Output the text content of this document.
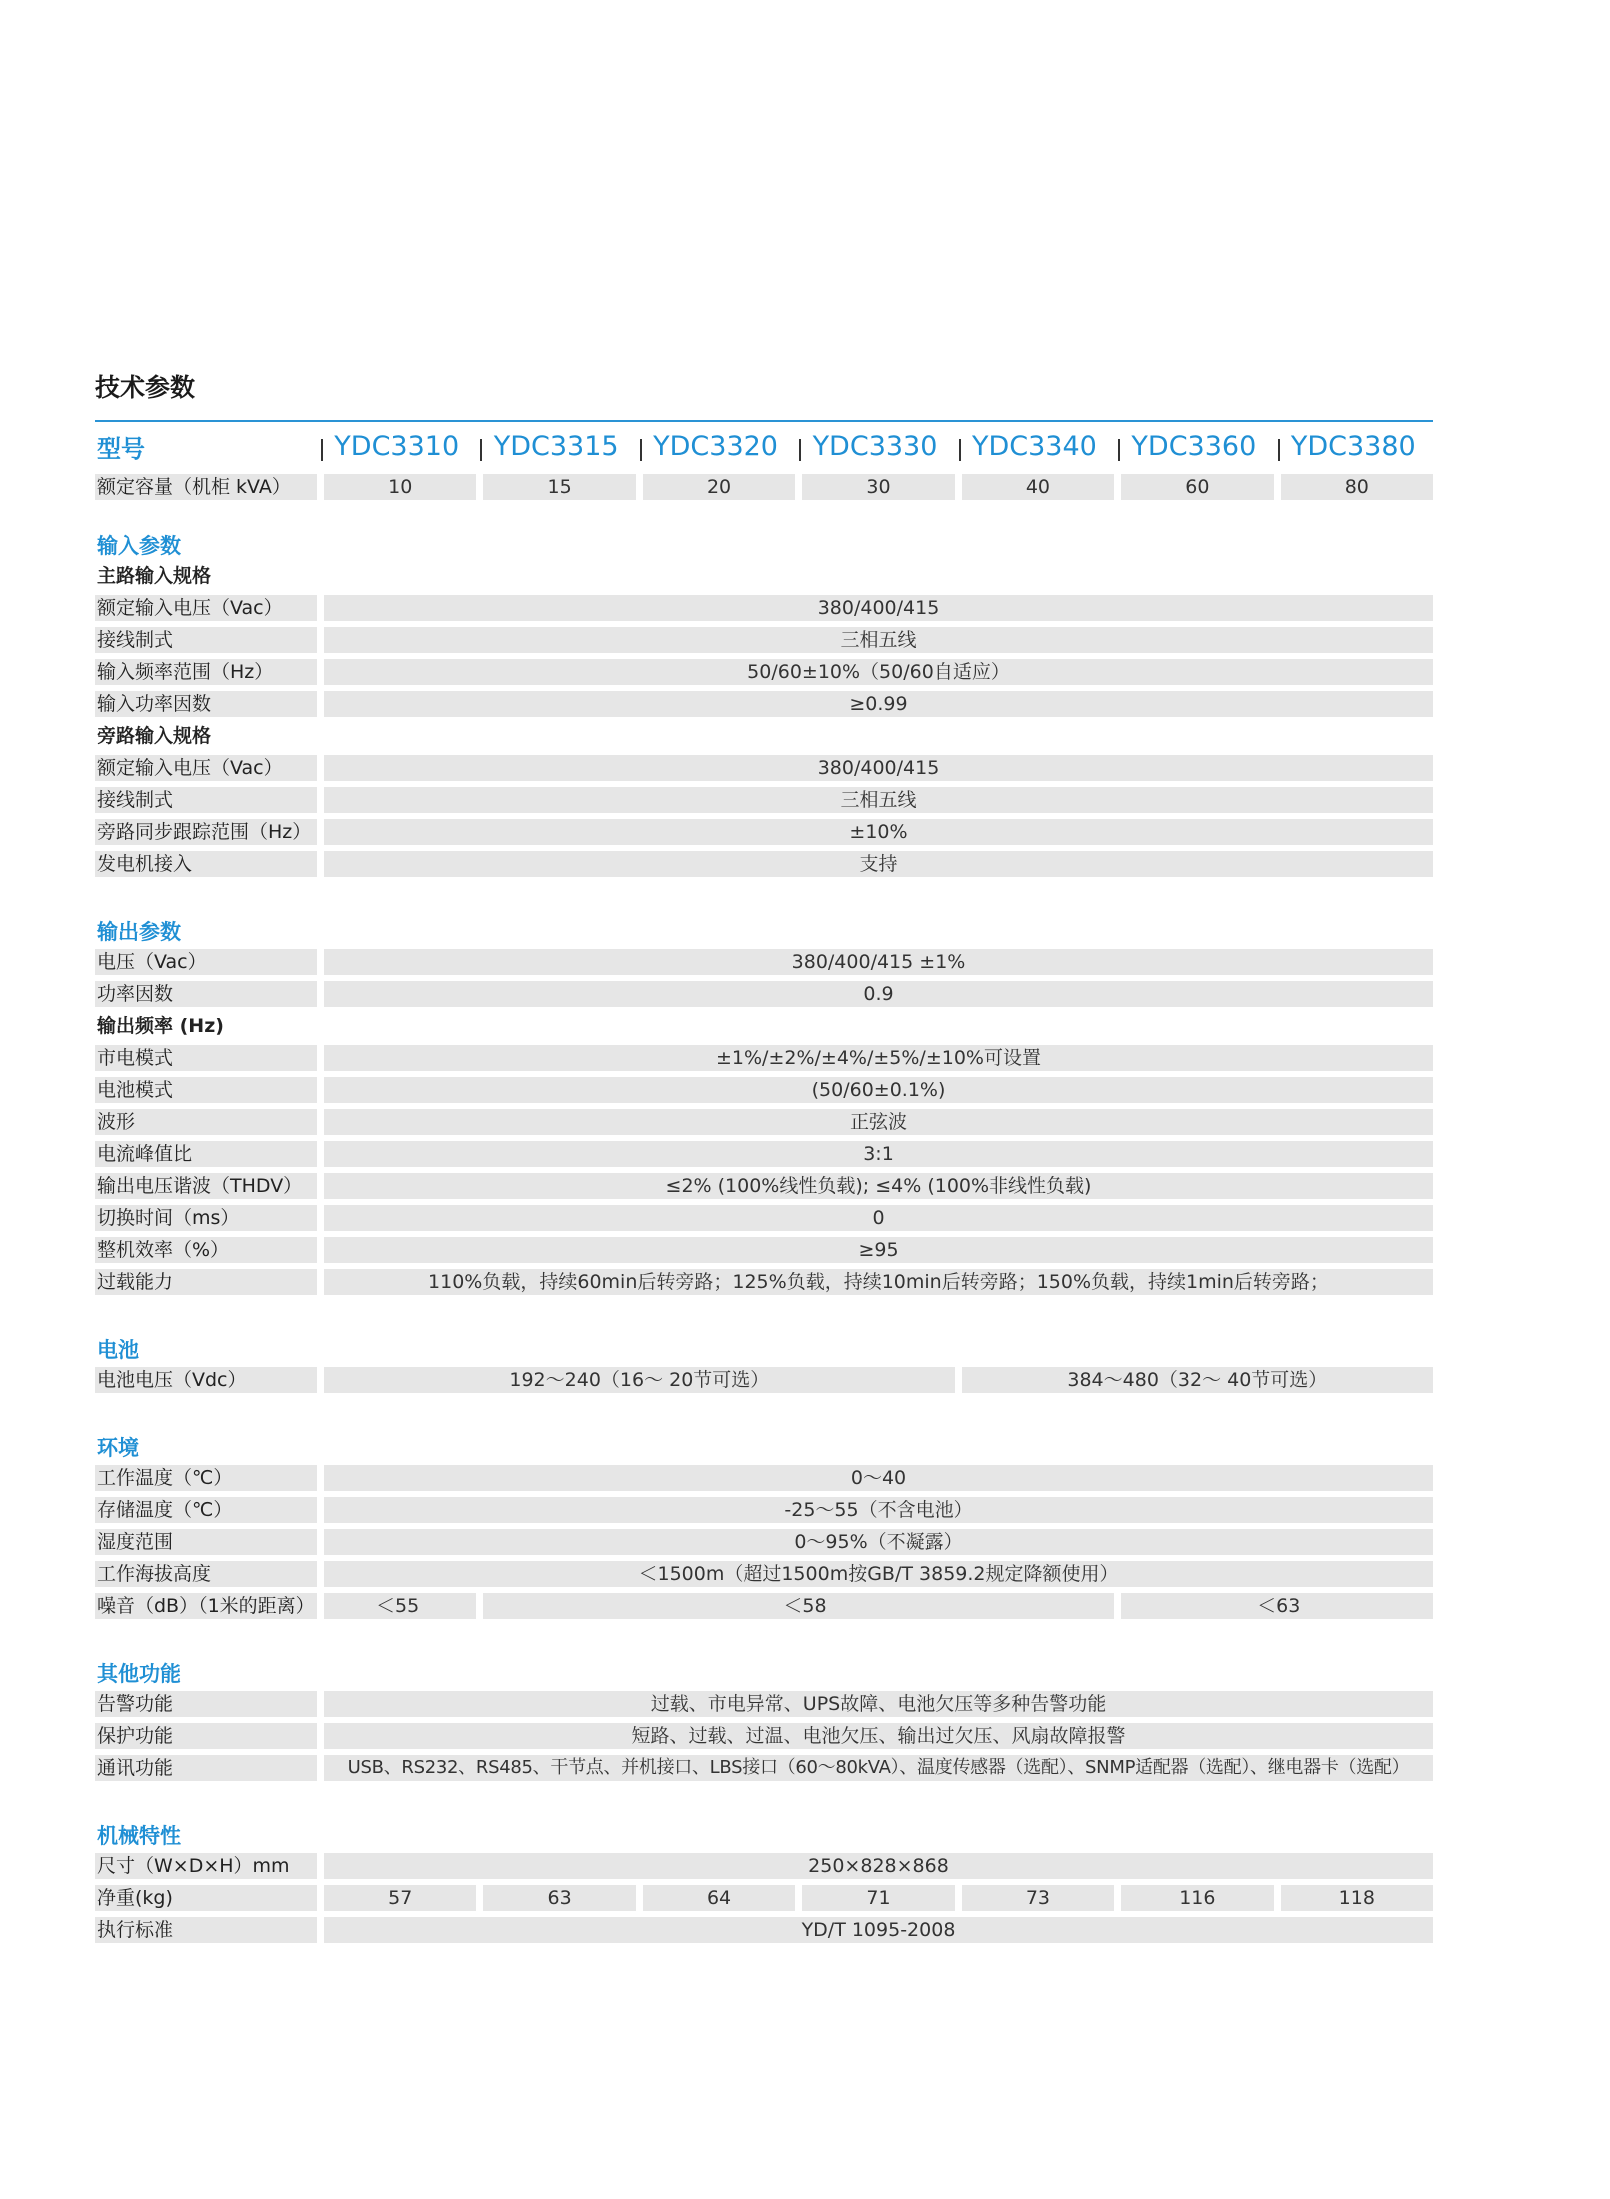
技术参数
型号	YDC3310	YDC3315	YDC3320	YDC3330	YDC3340	YDC3360	YDC3380
额定容量（机柜 kVA）	10	15	20	30	40	60	80
输入参数
主路输入规格
额定输入电压（Vac）	380/400/415
接线制式	三相五线
输入频率范围（Hz）	50/60±10%（50/60自适应）
输入功率因数	≥0.99
旁路输入规格
额定输入电压（Vac）	380/400/415
接线制式	三相五线
旁路同步跟踪范围（Hz）	±10%
发电机接入	支持
输出参数
电压（Vac）	380/400/415 ±1%
功率因数	0.9
输出频率 (Hz)
市电模式	±1%/±2%/±4%/±5%/±10%可设置
电池模式	(50/60±0.1%)
波形	正弦波
电流峰值比	3:1
输出电压谐波（THDV）	≤2% (100%线性负载); ≤4% (100%非线性负载)
切换时间（ms）	0
整机效率（%）	≥95
过载能力	110%负载，持续60min后转旁路；125%负载，持续10min后转旁路；150%负载，持续1min后转旁路；
电池
电池电压（Vdc）	192～240（16～ 20节可选）	384～480（32～ 40节可选）
环境
工作温度（℃）	0～40
存储温度（℃）	-25～55（不含电池）
湿度范围	0～95%（不凝露）
工作海拔高度	＜1500m（超过1500m按GB/T 3859.2规定降额使用）
噪音（dB）（1米的距离）	＜55	＜58	＜63
其他功能
告警功能	过载、市电异常、UPS故障、电池欠压等多种告警功能
保护功能	短路、过载、过温、电池欠压、输出过欠压、风扇故障报警
通讯功能	USB、RS232、RS485、干节点、并机接口、LBS接口（60～80kVA）、温度传感器（选配）、SNMP适配器（选配）、继电器卡（选配）
机械特性
尺寸（W×D×H）mm	250×828×868
净重(kg)	57	63	64	71	73	116	118
执行标准	YD/T 1095-2008
